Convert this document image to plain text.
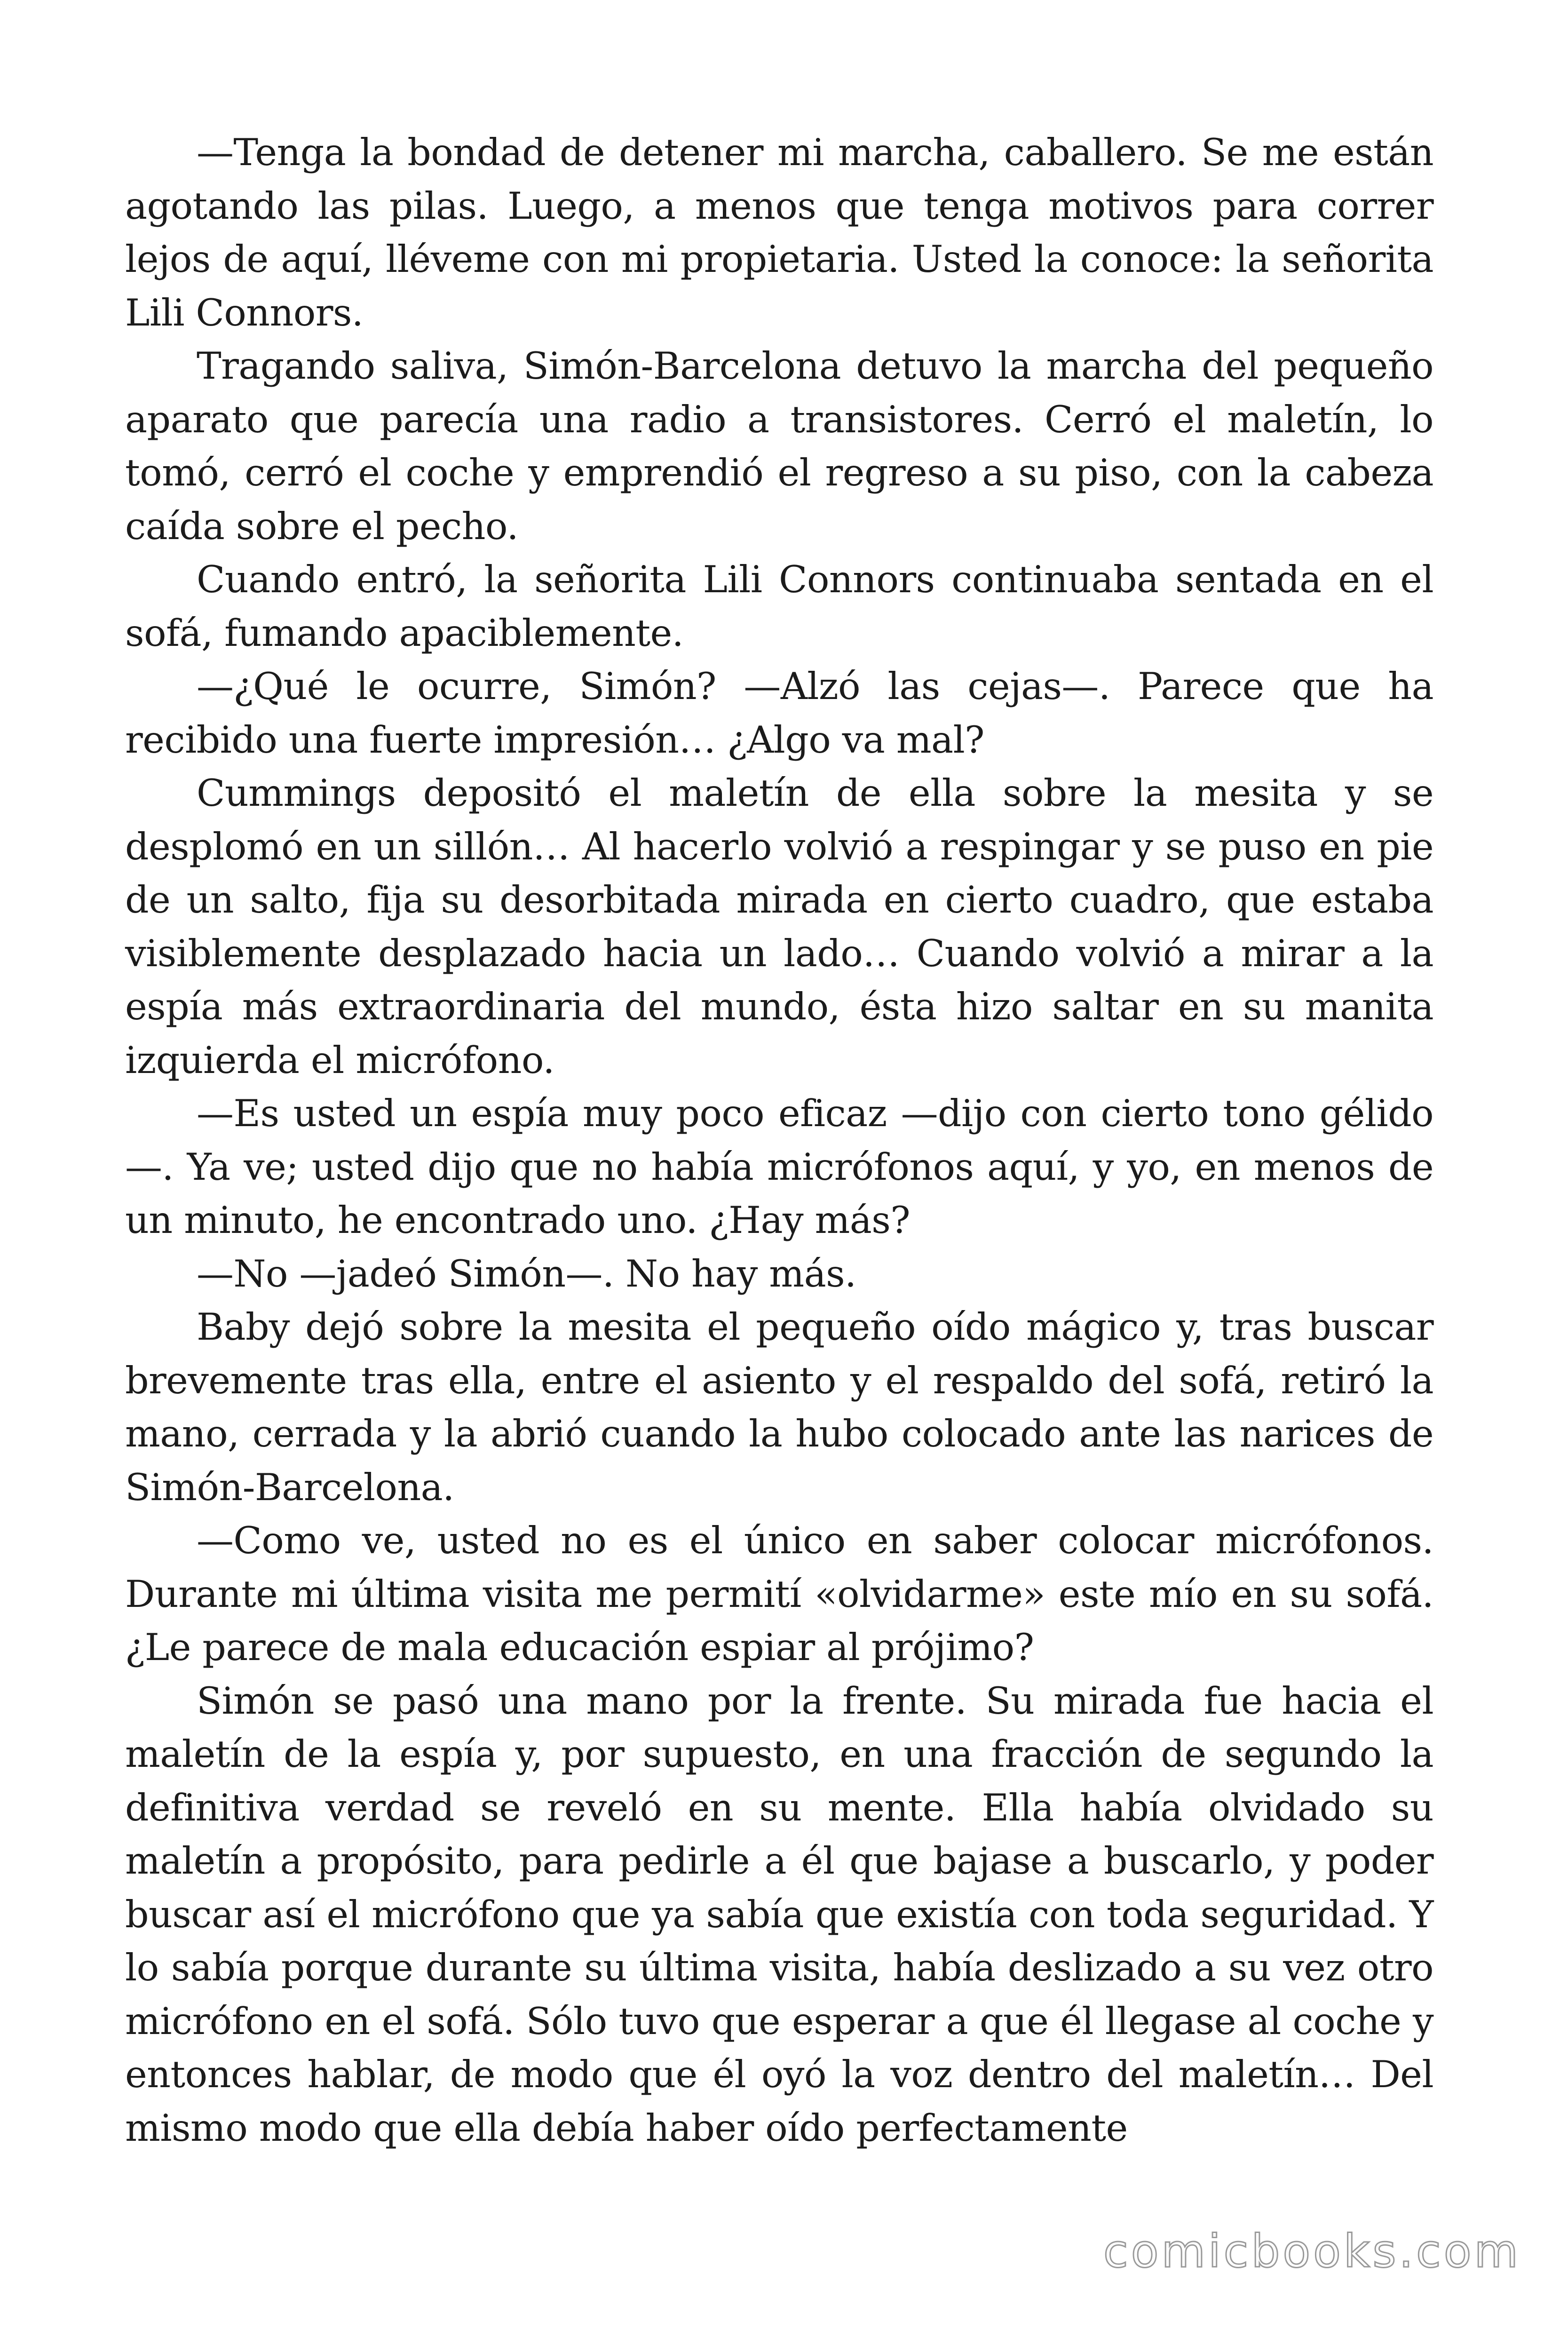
—Tenga la bondad de detener mi marcha, caballero. Se me están agotando las pilas. Luego, a menos que tenga motivos para correr lejos de aquí, lléveme con mi propietaria. Usted la conoce: la señorita Lili Connors.

Tragando saliva, Simón-Barcelona detuvo la marcha del pequeño aparato que parecía una radio a transistores. Cerró el maletín, lo tomó, cerró el coche y emprendió el regreso a su piso, con la cabeza caída sobre el pecho.

Cuando entró, la señorita Lili Connors continuaba sentada en el sofá, fumando apaciblemente.

—¿Qué le ocurre, Simón? —Alzó las cejas—. Parece que ha recibido una fuerte impresión… ¿Algo va mal?

Cummings depositó el maletín de ella sobre la mesita y se desplomó en un sillón… Al hacerlo volvió a respingar y se puso en pie de un salto, fija su desorbitada mirada en cierto cuadro, que estaba visiblemente desplazado hacia un lado… Cuando volvió a mirar a la espía más extraordinaria del mundo, ésta hizo saltar en su manita izquierda el micrófono.

—Es usted un espía muy poco eficaz —dijo con cierto tono gélido—. Ya ve; usted dijo que no había micrófonos aquí, y yo, en menos de un minuto, he encontrado uno. ¿Hay más?

—No —jadeó Simón—. No hay más.

Baby dejó sobre la mesita el pequeño oído mágico y, tras buscar brevemente tras ella, entre el asiento y el respaldo del sofá, retiró la mano, cerrada y la abrió cuando la hubo colocado ante las narices de Simón-Barcelona.

—Como ve, usted no es el único en saber colocar micrófonos. Durante mi última visita me permití «olvidarme» este mío en su sofá. ¿Le parece de mala educación espiar al prójimo?

Simón se pasó una mano por la frente. Su mirada fue hacia el maletín de la espía y, por supuesto, en una fracción de segundo la definitiva verdad se reveló en su mente. Ella había olvidado su maletín a propósito, para pedirle a él que bajase a buscarlo, y poder buscar así el micrófono que ya sabía que existía con toda seguridad. Y lo sabía porque durante su última visita, había deslizado a su vez otro micrófono en el sofá. Sólo tuvo que esperar a que él llegase al coche y entonces hablar, de modo que él oyó la voz dentro del maletín… Del mismo modo que ella debía haber oído perfectamente

comicbooks.com
